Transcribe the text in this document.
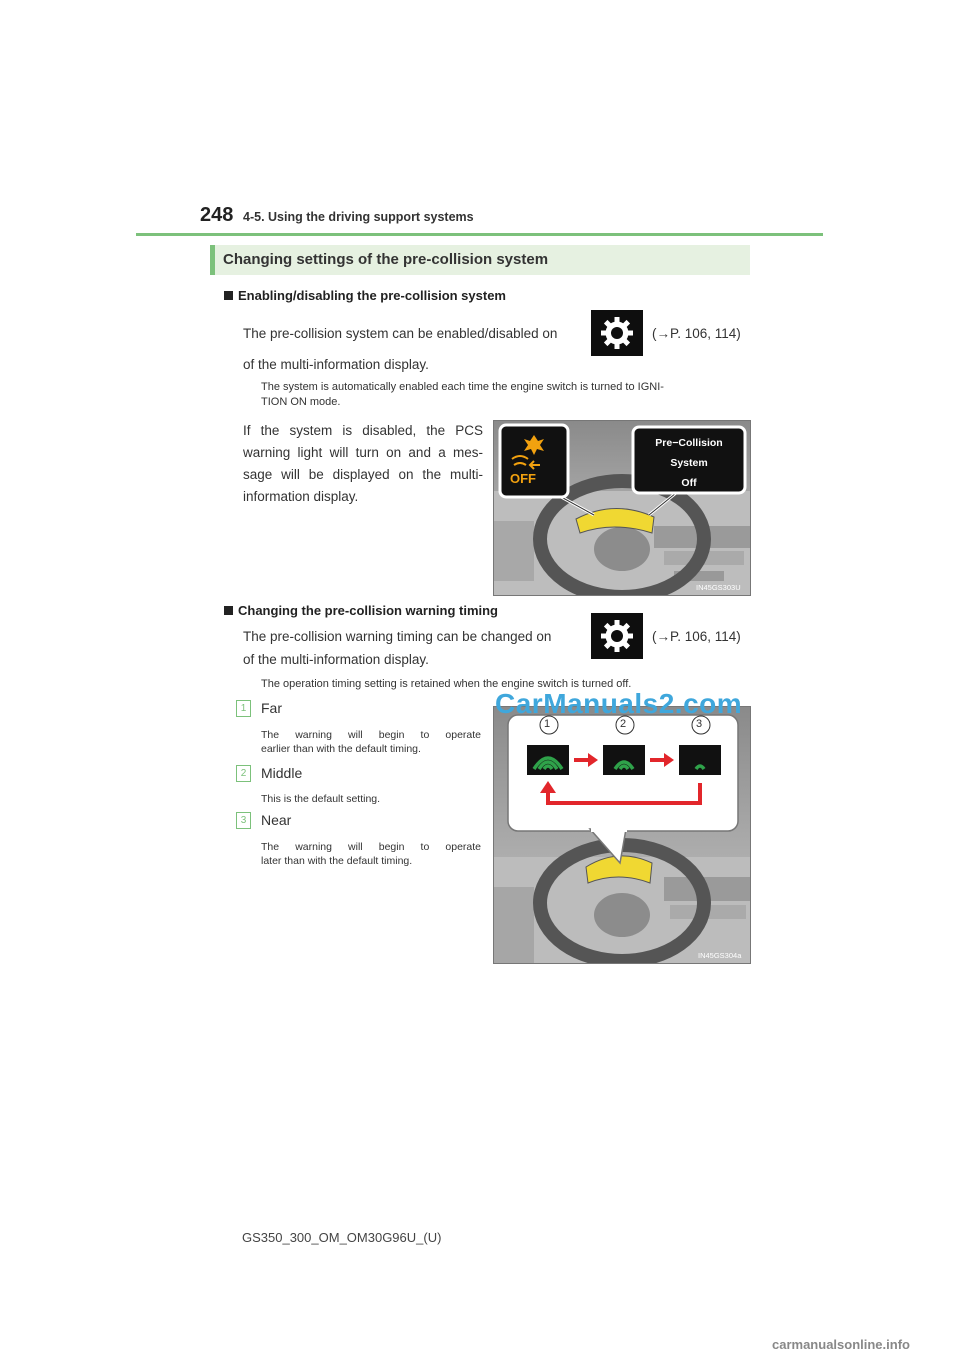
248 4-5. Using the driving support systems
Changing settings of the pre-collision system
Enabling/disabling the pre-collision system
The pre-collision system can be enabled/disabled on	(→P. 106, 114)
of the multi-information display.
The system is automatically enabled each time the engine switch is turned to IGNI-
TION ON mode.
If the system is disabled, the PCS
warning light will turn on and a mes-
sage will be displayed on the multi-
information display.
OFF
Pre−Collision
System
Off
IN45GS303U
Changing the pre-collision warning timing
The pre-collision warning timing can be changed on	(→P. 106, 114)
of the multi-information display.
The operation timing setting is retained when the engine switch is turned off.
1	Far
The warning will begin to operate
earlier than with the default timing.
2	Middle
This is the default setting.
3	Near
The warning will begin to operate
later than with the default timing.
1	2	3
IN45GS304a
CarManuals2.com
carmanualsonline.info
GS350_300_OM_OM30G96U_(U)
